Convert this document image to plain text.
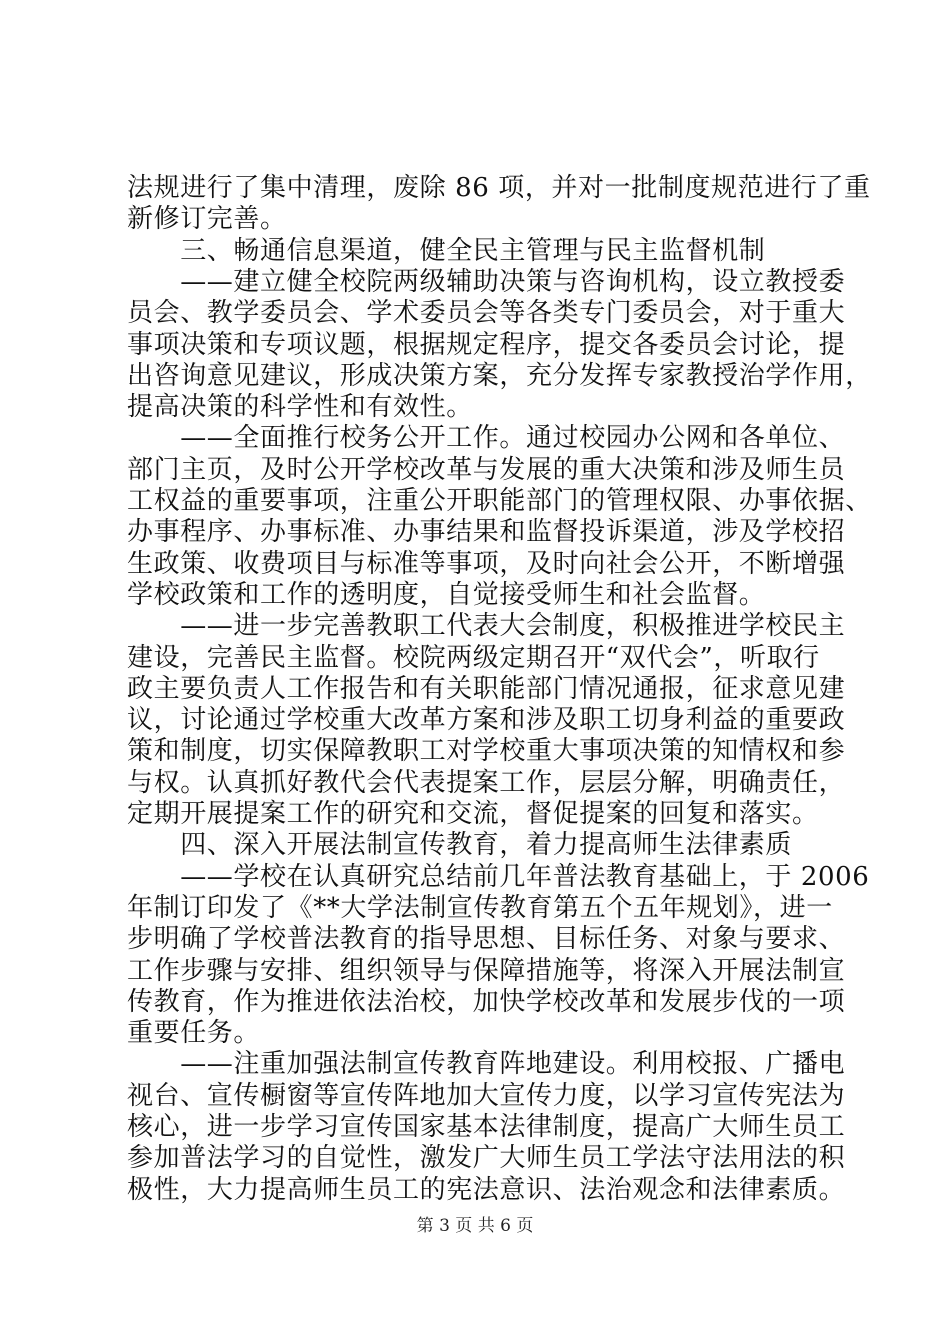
法规进行了集中清理，废除 86 项，并对一批制度规范进行了重
新修订完善。
　　三、畅通信息渠道，健全民主管理与民主监督机制
　　——建立健全校院两级辅助决策与咨询机构，设立教授委
员会、教学委员会、学术委员会等各类专门委员会，对于重大
事项决策和专项议题，根据规定程序，提交各委员会讨论，提
出咨询意见建议，形成决策方案，充分发挥专家教授治学作用，
提高决策的科学性和有效性。
　　——全面推行校务公开工作。通过校园办公网和各单位、
部门主页，及时公开学校改革与发展的重大决策和涉及师生员
工权益的重要事项，注重公开职能部门的管理权限、办事依据、
办事程序、办事标准、办事结果和监督投诉渠道，涉及学校招
生政策、收费项目与标准等事项，及时向社会公开，不断增强
学校政策和工作的透明度，自觉接受师生和社会监督。
　　——进一步完善教职工代表大会制度，积极推进学校民主
建设，完善民主监督。校院两级定期召开“双代会”，听取行
政主要负责人工作报告和有关职能部门情况通报，征求意见建
议，讨论通过学校重大改革方案和涉及职工切身利益的重要政
策和制度，切实保障教职工对学校重大事项决策的知情权和参
与权。认真抓好教代会代表提案工作，层层分解，明确责任，
定期开展提案工作的研究和交流，督促提案的回复和落实。
　　四、深入开展法制宣传教育，着力提高师生法律素质
　　——学校在认真研究总结前几年普法教育基础上，于 2006
年制订印发了《**大学法制宣传教育第五个五年规划》，进一
步明确了学校普法教育的指导思想、目标任务、对象与要求、
工作步骤与安排、组织领导与保障措施等，将深入开展法制宣
传教育，作为推进依法治校，加快学校改革和发展步伐的一项
重要任务。
　　——注重加强法制宣传教育阵地建设。利用校报、广播电
视台、宣传橱窗等宣传阵地加大宣传力度，以学习宣传宪法为
核心，进一步学习宣传国家基本法律制度，提高广大师生员工
参加普法学习的自觉性，激发广大师生员工学法守法用法的积
极性，大力提高师生员工的宪法意识、法治观念和法律素质。
第 3 页 共 6 页
